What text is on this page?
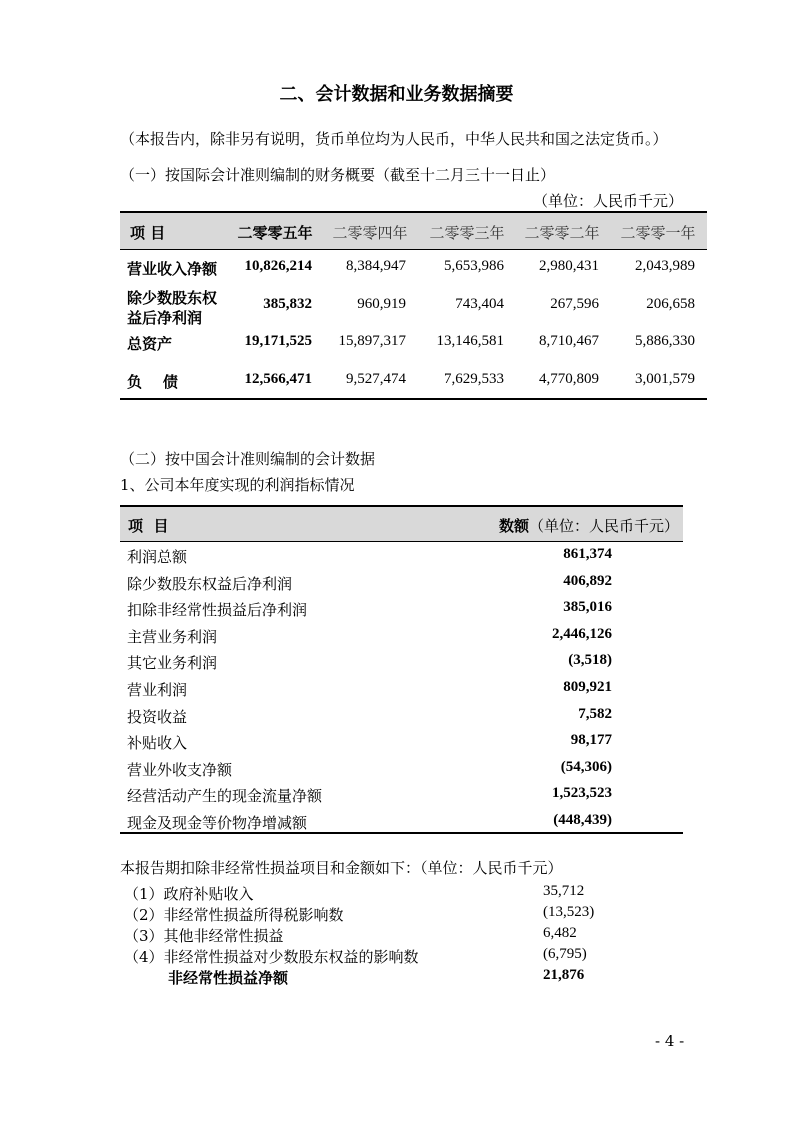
二、会计数据和业务数据摘要
（本报告内，除非另有说明，货币单位均为人民币，中华人民共和国之法定货币。）
（一）按国际会计准则编制的财务概要（截至十二月三十一日止）
（单位：人民币千元）
项 目	二零零五年	二零零四年	二零零三年	二零零二年	二零零一年
营业收入净额	10,826,214	8,384,947	5,653,986	2,980,431	2,043,989
除少数股东权
益后净利润
385,832	960,919	743,404	267,596	206,658
总资产	19,171,525	15,897,317	13,146,581	8,710,467	5,886,330
负    债	12,566,471	9,527,474	7,629,533	4,770,809	3,001,579
（二）按中国会计准则编制的会计数据
1、公司本年度实现的利润指标情况
项  目	数额（单位：人民币千元）
利润总额	861,374
除少数股东权益后净利润	406,892
扣除非经常性损益后净利润	385,016
主营业务利润	2,446,126
其它业务利润	(3,518)
营业利润	809,921
投资收益	7,582
补贴收入	98,177
营业外收支净额	(54,306)
经营活动产生的现金流量净额	1,523,523
现金及现金等价物净增减额	(448,439)
本报告期扣除非经常性损益项目和金额如下：（单位：人民币千元）
（1）政府补贴收入	35,712
（2）非经常性损益所得税影响数	(13,523)
（3）其他非经常性损益	6,482
（4）非经常性损益对少数股东权益的影响数	(6,795)
非经常性损益净额	21,876
- 4 -
